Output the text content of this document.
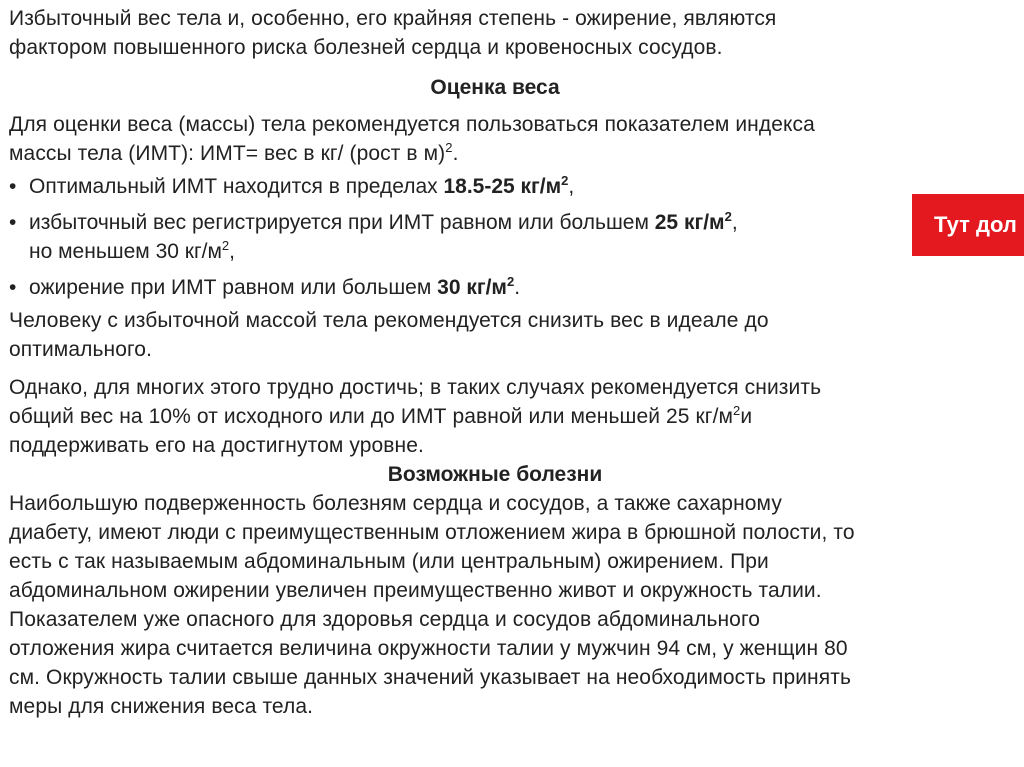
Избыточный вес тела и, особенно, его крайняя степень - ожирение, являются
фактором повышенного риска болезней сердца и кровеносных сосудов.
Оценка веса
Для оценки веса (массы) тела рекомендуется пользоваться показателем индекса
массы тела (ИМТ): ИМТ= вес в кг/ (рост в м)$^2$.
• Оптимальный ИМТ находится в пределах 18.5-25 $кг/м^2$,
• избыточный вес регистрируется при ИМТ равном или большем 25 $кг/м^2$,
но меньшем 30 $кг/м^2$,
• ожирение при ИМТ равном или большем 30 $кг/м^2$.
Человеку с избыточной массой тела рекомендуется снизить вес в идеале до
оптимального.
Однако, для многих этого трудно достичь; в таких случаях рекомендуется снизить
общий вес на 10% от исходного или до ИМТ равной или меньшей 25 $кг/м^2и$
поддерживать его на достигнутом уровне.
Возможные болезни
Наибольшую подверженность болезням сердца и сосудов, а также сахарному
диабету, имеют люди с преимущественным отложением жира в брюшной полости, то
есть с так называемым абдоминальным (или центральным) ожирением. При
абдоминальном ожирении увеличен преимущественно живот и окружность талии.
Показателем уже опасного для здоровья сердца и сосудов абдоминального
отложения жира считается величина окружности талии у мужчин 94 см, у женщин 80
см. Окружность талии свыше данных значений указывает на необходимость принять
меры для снижения веса тела.
Тут дол
